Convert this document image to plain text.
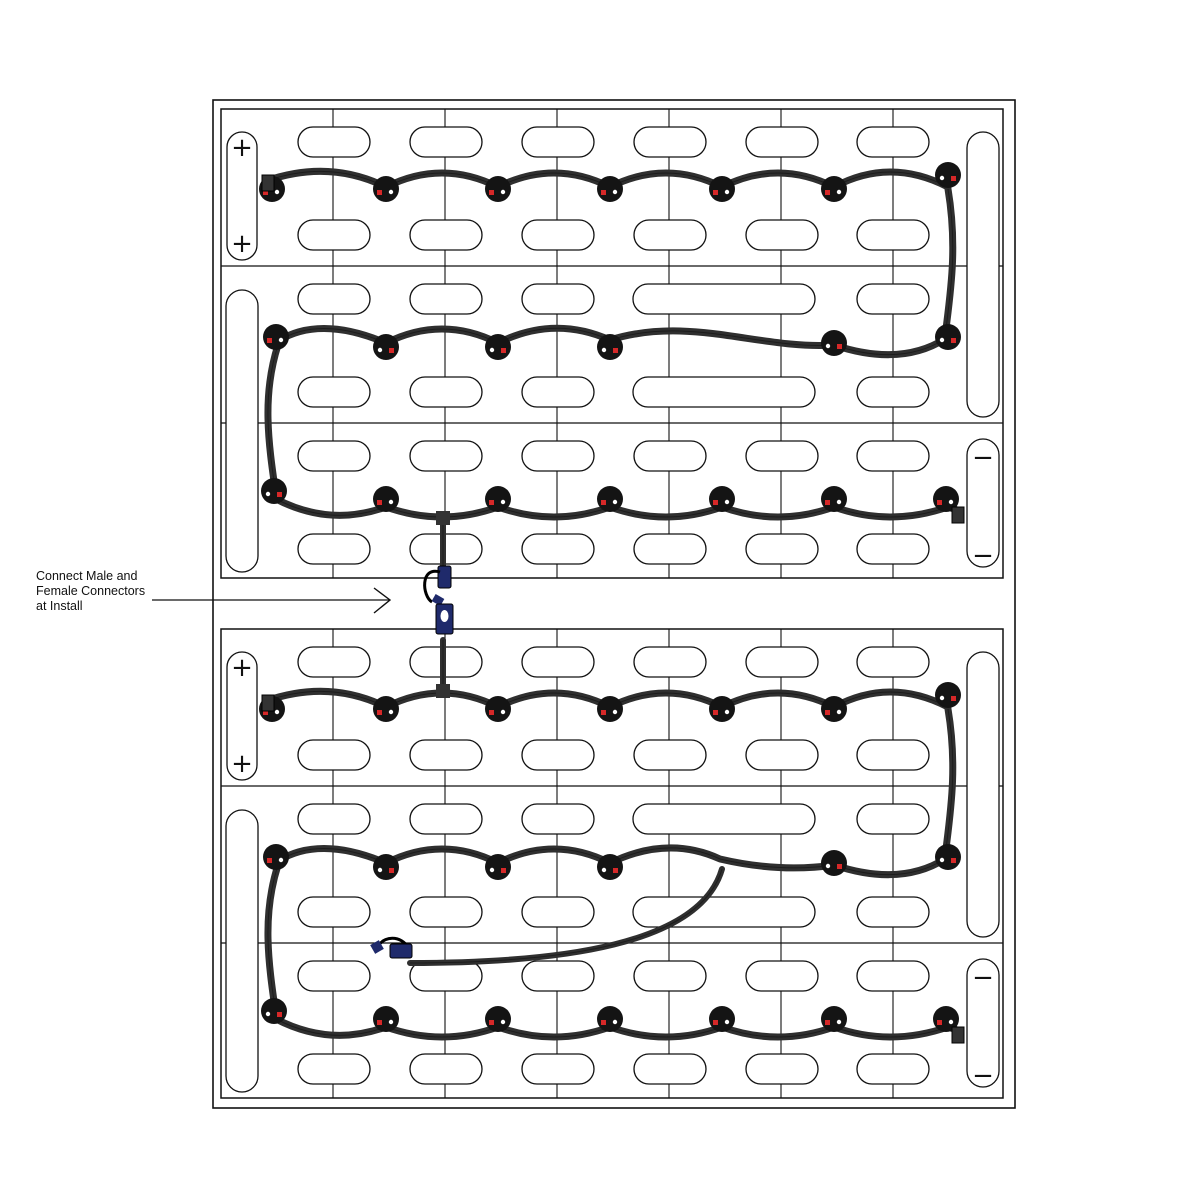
+
+
−
−
+
+
−
−
Connect Male and
Female Connectors
at Install
